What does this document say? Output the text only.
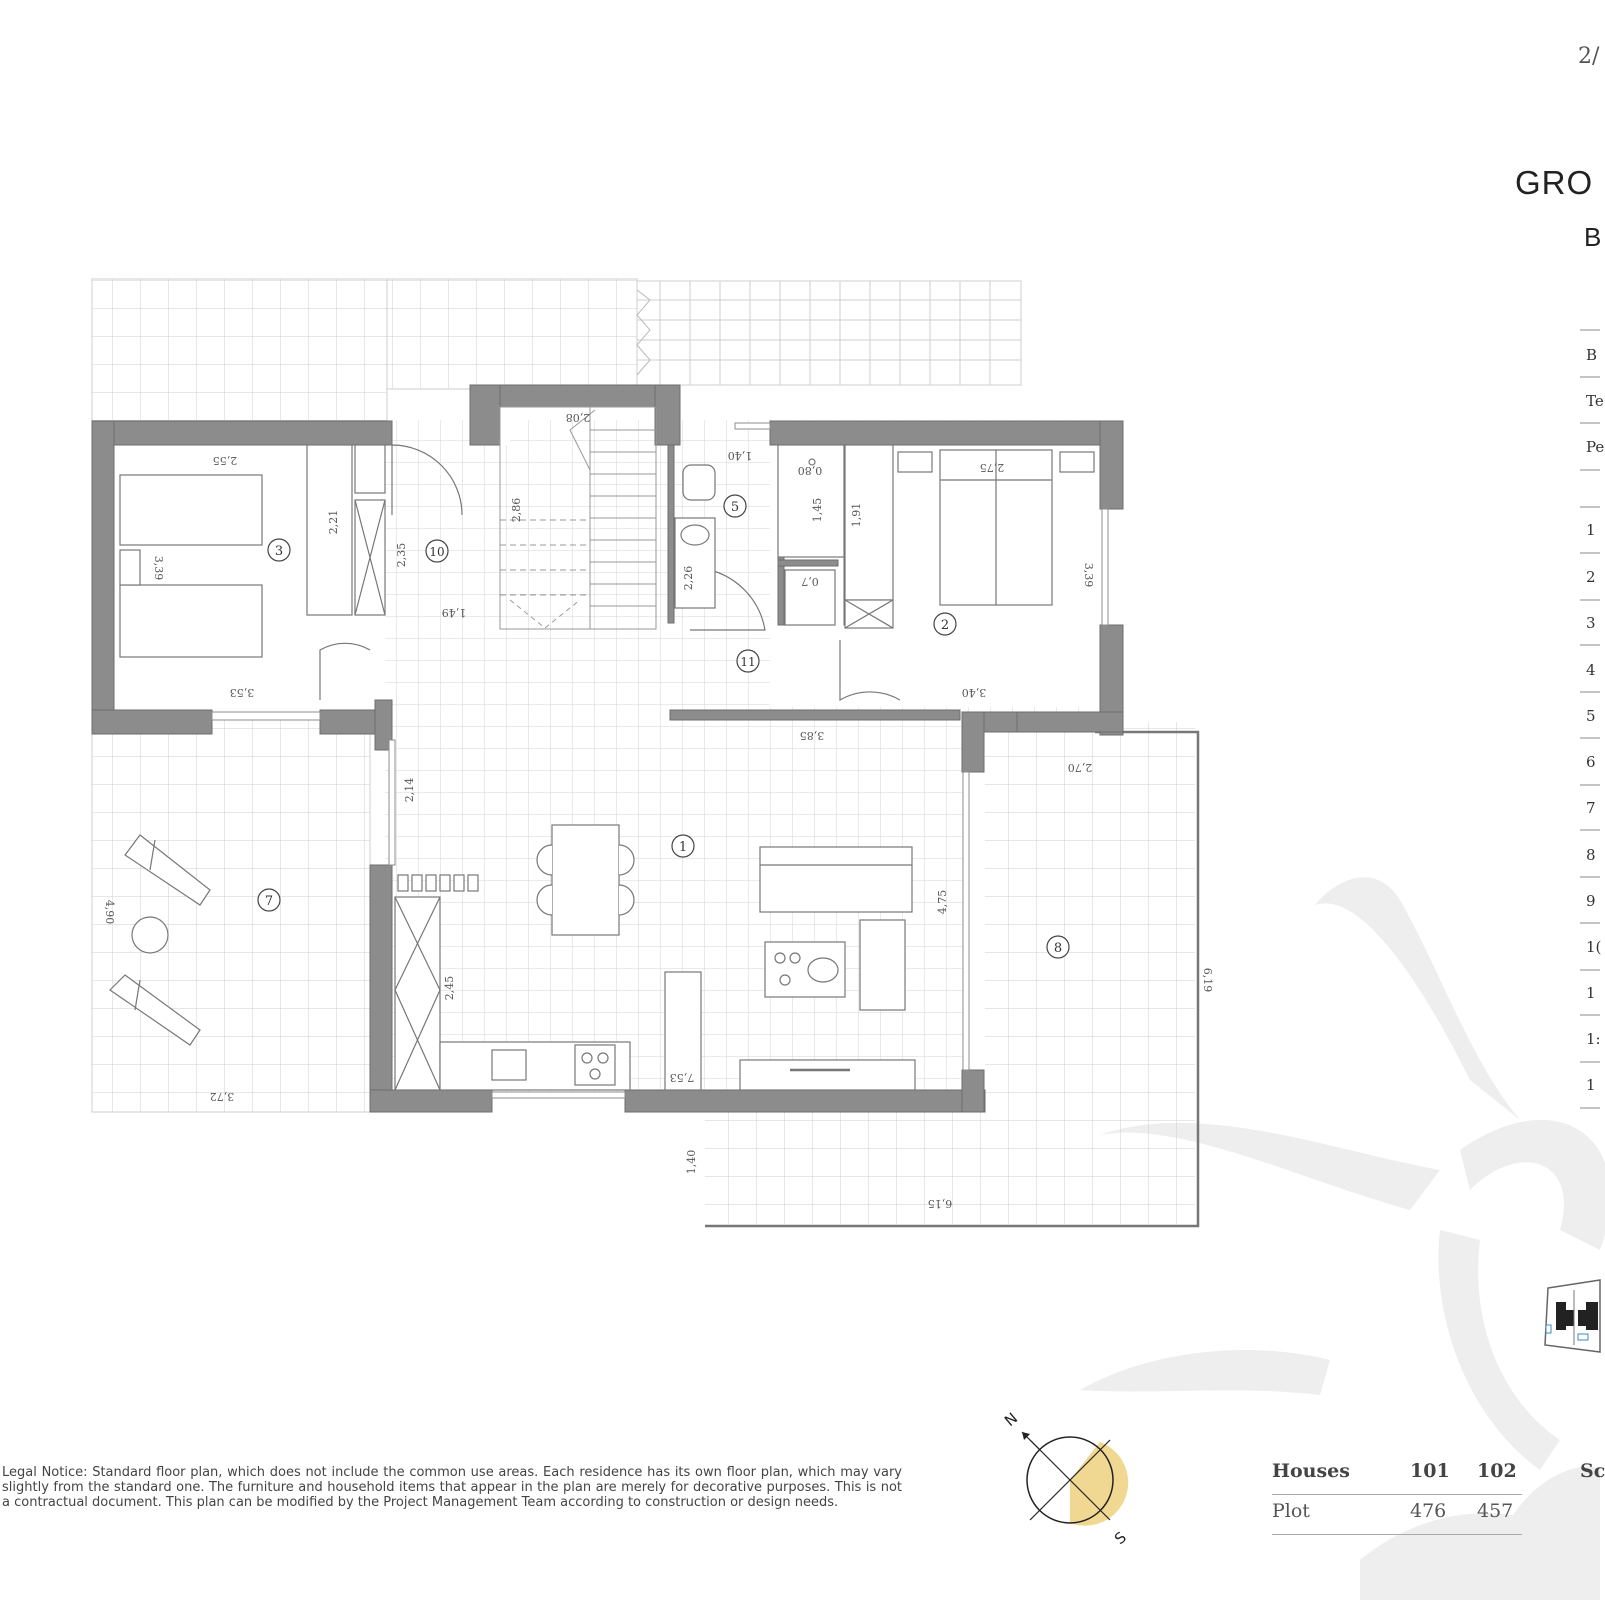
1
2
3
5
7
8
10
11
2,55
3,39
2,21
2,35
3,53
2,08
2,86
1,49
1,40
2,26
0,80
1,45 1,91
0,7
2,75
3,39
3,40
3,85
2,70
2,14
4,90	4,75
2,45	6,19
3,72
7,53
1,40
6,15
B
Te
Pe
1
2
3
4
5
6
7
8
9
1(
1
1:
1
N
S
2/
GRO
B
Legal Notice: Standard floor plan, which does not include the common use areas. Each residence has its own floor plan, which may vary slightly from the standard one. The furniture and household items that appear in the plan are merely for decorative purposes. This is not a contractual document. This plan can be modified by the Project Management Team according to construction or design needs.
Houses	101 102
Plot	476 457
Sc
